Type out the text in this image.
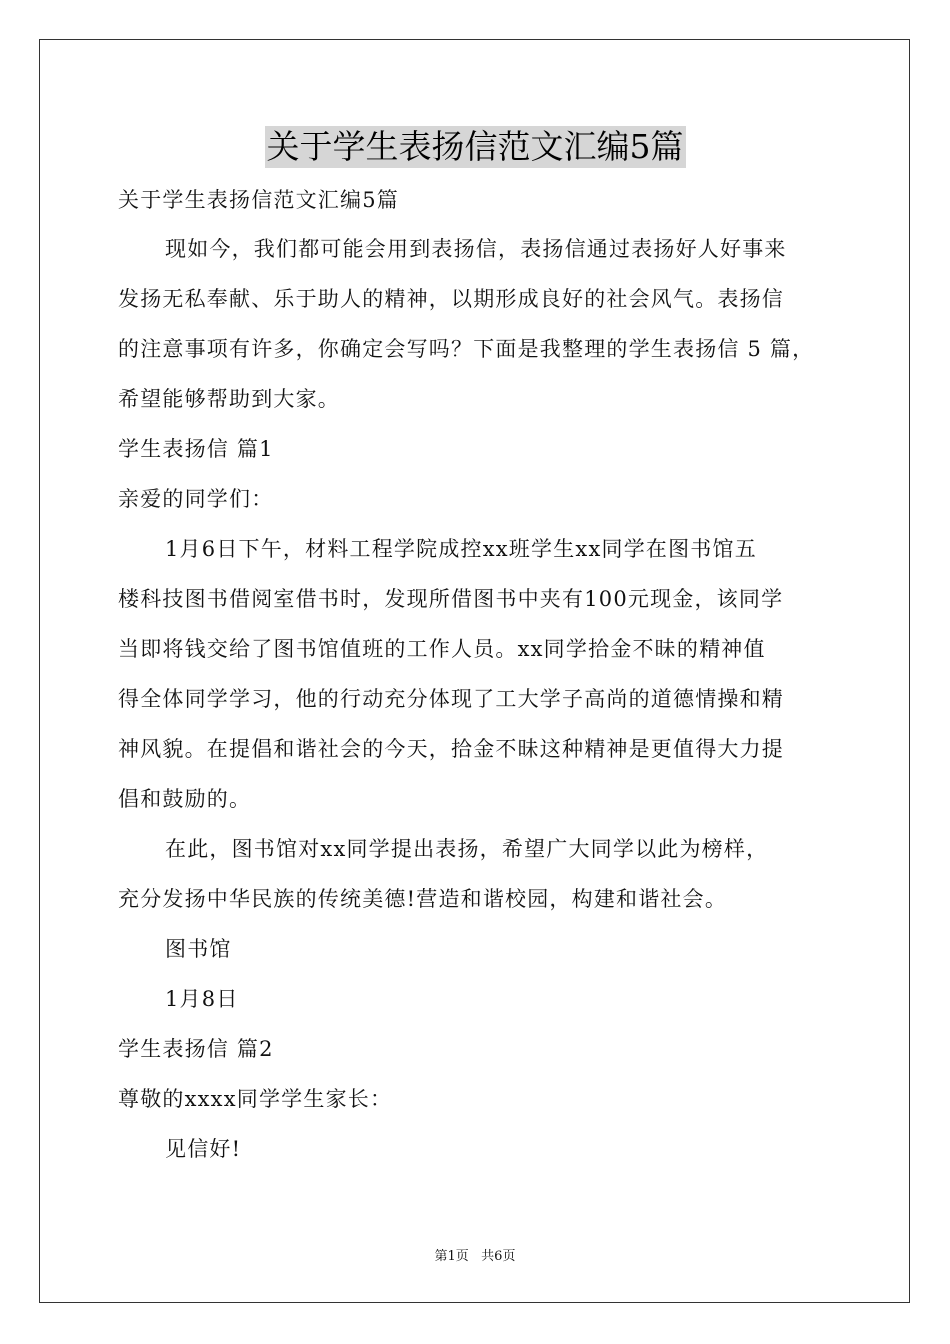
关于学生表扬信范文汇编5篇
关于学生表扬信范文汇编5篇
现如今，我们都可能会用到表扬信，表扬信通过表扬好人好事来
发扬无私奉献、乐于助人的精神，以期形成良好的社会风气。表扬信
的注意事项有许多，你确定会写吗？下面是我整理的学生表扬信 5 篇，
希望能够帮助到大家。
学生表扬信 篇1
亲爱的同学们：
1月6日下午，材料工程学院成控xx班学生xx同学在图书馆五
楼科技图书借阅室借书时，发现所借图书中夹有100元现金，该同学
当即将钱交给了图书馆值班的工作人员。xx同学拾金不昧的精神值
得全体同学学习，他的行动充分体现了工大学子高尚的道德情操和精
神风貌。在提倡和谐社会的今天，拾金不昧这种精神是更值得大力提
倡和鼓励的。
在此，图书馆对xx同学提出表扬，希望广大同学以此为榜样，
充分发扬中华民族的传统美德!营造和谐校园，构建和谐社会。
图书馆
1月8日
学生表扬信 篇2
尊敬的xxxx同学学生家长：
见信好!
第1页   共6页
